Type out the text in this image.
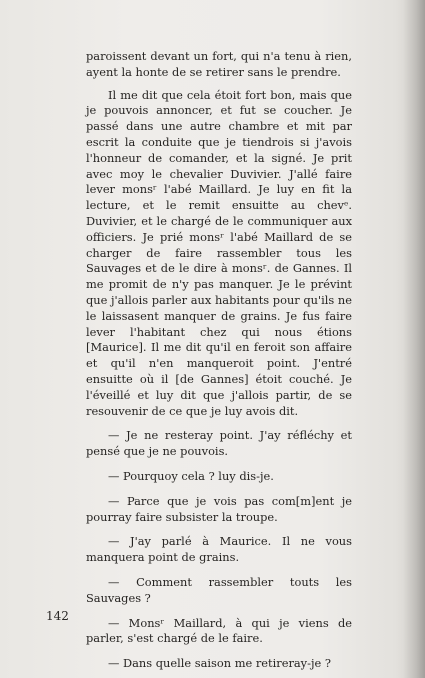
paroissent devant un fort, qui n'a tenu à rien, ayent la honte de se retirer sans le prendre.

Il me dit que cela étoit fort bon, mais que je pouvois annoncer, et fut se coucher. Je passé dans une autre chambre et mit par escrit la conduite que je tiendrois si j'avois l'honneur de comander, et la signé. Je prit avec moy le chevalier Duvivier. J'allé faire lever monsʳ l'abé Maillard. Je luy en fit la lecture, et le remit ensuitte au chevᵉ. Duvivier, et le chargé de le communiquer aux officiers. Je prié monsʳ l'abé Maillard de se charger de faire rassembler tous les Sauvages et de le dire à monsʳ. de Gannes. Il me promit de n'y pas manquer. Je le prévint que j'allois parler aux habitants pour qu'ils ne le laissasent manquer de grains. Je fus faire lever l'habitant chez qui nous étions [Maurice]. Il me dit qu'il en feroit son affaire et qu'il n'en manqueroit point. J'entré ensuitte où il [de Gannes] étoit couché. Je l'éveillé et luy dit que j'allois partir, de se resouvenir de ce que je luy avois dit.

— Je ne resteray point. J'ay réfléchy et pensé que je ne pouvois.

— Pourquoy cela ? luy dis-je.

— Parce que je vois pas com[m]ent je pourray faire subsister la troupe.

— J'ay parlé à Maurice. Il ne vous manquera point de grains.

— Comment rassembler touts les Sauvages ?

— Monsʳ Maillard, à qui je viens de parler, s'est chargé de le faire.

— Dans quelle saison me retireray-je ?

142
